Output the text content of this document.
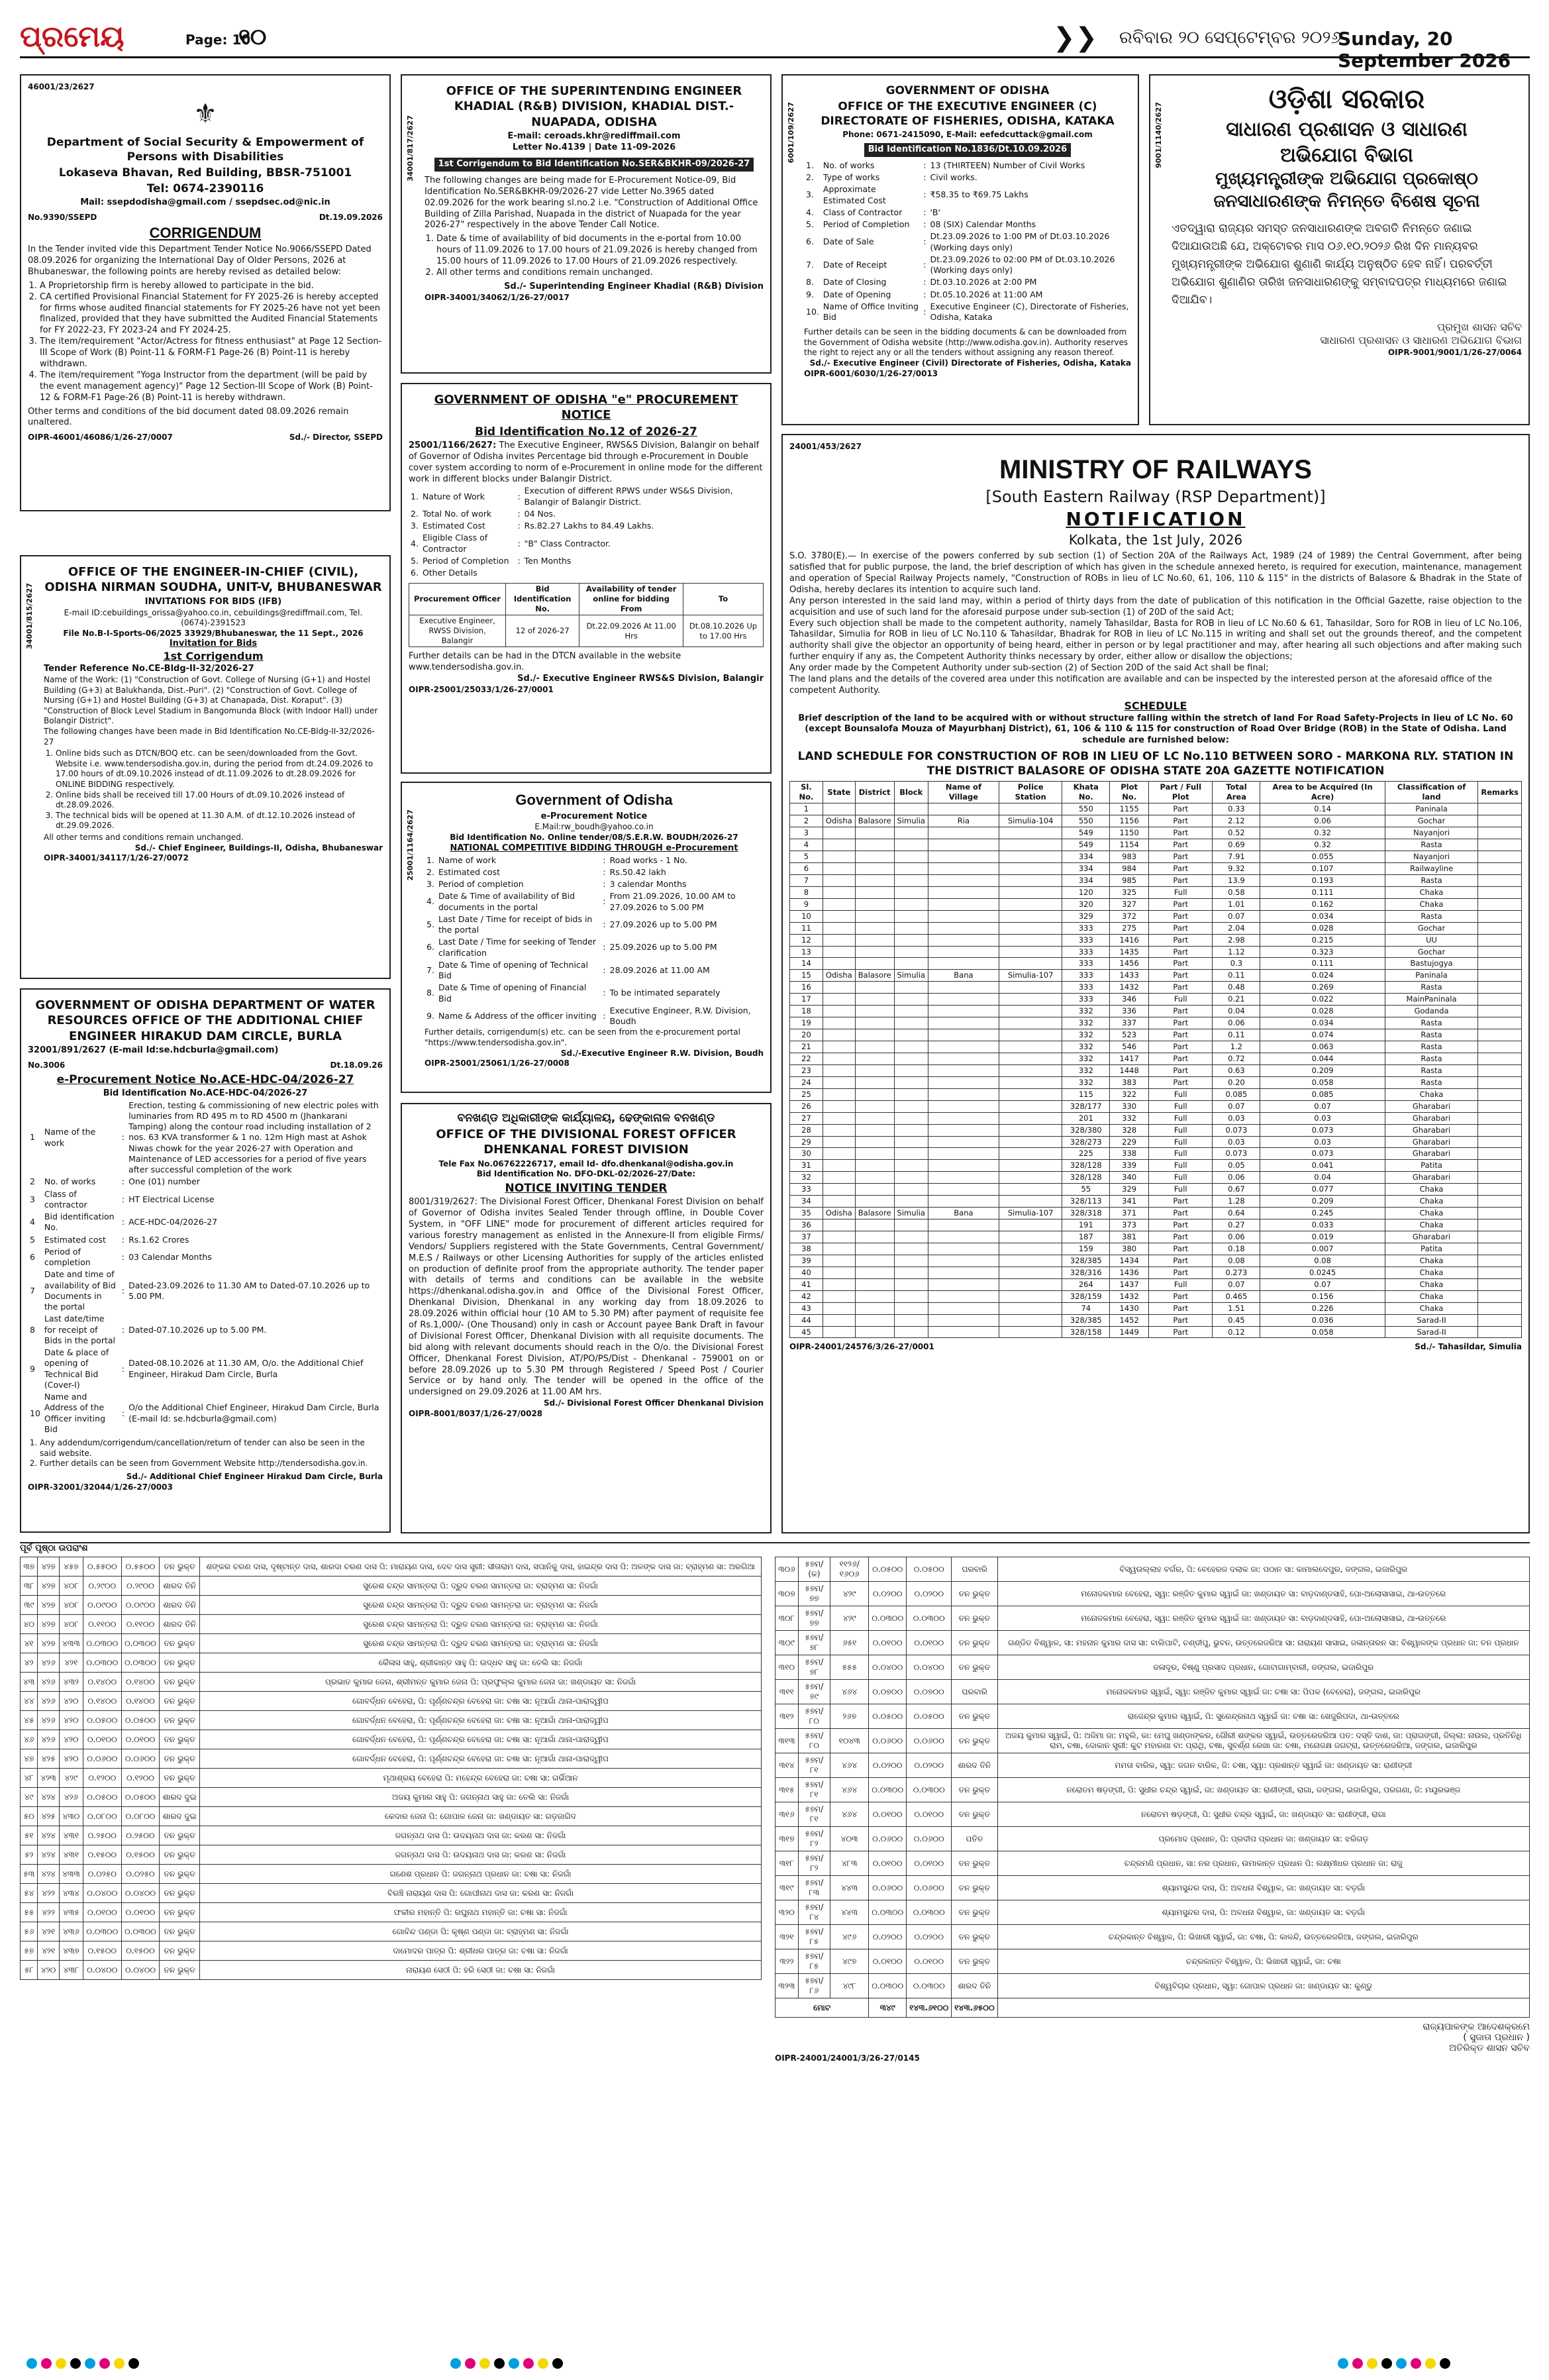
ପ୍ରମେୟ	Page: 10
୧୦	❯❯ ରବିବାର ୨୦ ସେପ୍ଟେମ୍ବର ୨୦୨୬
Sunday, 20 September 2026
46001/23/2627
⚜
Department of Social Security & Empowerment of Persons with Disabilities
Lokaseva Bhavan, Red Building, BBSR-751001
Tel: 0674-2390116
Mail: ssepdodisha@gmail.com / ssepdsec.od@nic.in
No.9390/SSEPD	Dt.19.09.2026
CORRIGENDUM
In the Tender invited vide this Department Tender Notice No.9066/SSEPD Dated 08.09.2026 for organizing the International Day of Older Persons, 2026 at Bhubaneswar, the following points are hereby revised as detailed below:
1. A Proprietorship firm is hereby allowed to participate in the bid.
2. CA certified Provisional Financial Statement for FY 2025-26 is hereby accepted for firms whose audited financial statements for FY 2025-26 have not yet been finalized, provided that they have submitted the Audited Financial Statements for FY 2022-23, FY 2023-24 and FY 2024-25.
3. The item/requirement "Actor/Actress for fitness enthusiast" at Page 12 Section-III Scope of Work (B) Point-11 & FORM-F1 Page-26 (B) Point-11 is hereby withdrawn.
4. The item/requirement "Yoga Instructor from the department (will be paid by the event management agency)" Page 12 Section-III Scope of Work (B) Point-12 & FORM-F1 Page-26 (B) Point-11 is hereby withdrawn.
Other terms and conditions of the bid document dated 08.09.2026 remain unaltered.
OIPR-46001/46086/1/26-27/0007	Sd./- Director, SSEPD
34001/817/2627
OFFICE OF THE SUPERINTENDING ENGINEER KHADIAL (R&B) DIVISION, KHADIAL DIST.-NUAPADA, ODISHA
E-mail: ceroads.khr@rediffmail.com
Letter No.4139 | Date 11-09-2026
1st Corrigendum to Bid Identification No.SER&BKHR-09/2026-27
The following changes are being made for E-Procurement Notice-09, Bid Identification No.SER&BKHR-09/2026-27 vide Letter No.3965 dated 02.09.2026 for the work bearing sl.no.2 i.e. "Construction of Additional Office Building of Zilla Parishad, Nuapada in the district of Nuapada for the year 2026-27" respectively in the above Tender Call Notice.
1. Date & time of availability of bid documents in the e-portal from 10.00 hours of 11.09.2026 to 17.00 hours of 21.09.2026 is hereby changed from 15.00 hours of 11.09.2026 to 17.00 Hours of 21.09.2026 respectively.
2. All other terms and conditions remain unchanged.
Sd./- Superintending Engineer Khadial (R&B) Division
OIPR-34001/34062/1/26-27/0017
6001/109/2627
GOVERNMENT OF ODISHA
OFFICE OF THE EXECUTIVE ENGINEER (C) DIRECTORATE OF FISHERIES, ODISHA, KATAKA
Phone: 0671-2415090, E-Mail: eefedcuttack@gmail.com
Bid Identification No.1836/Dt.10.09.2026
1.	No. of works	:	13 (THIRTEEN) Number of Civil Works
2.	Type of works	:	Civil works.
3.	Approximate Estimated Cost	:	₹58.35 to ₹69.75 Lakhs
4.	Class of Contractor	:	'B'
5.	Period of Completion	:	08 (SIX) Calendar Months
6.	Date of Sale	:	Dt.23.09.2026 to 1:00 PM of Dt.03.10.2026 (Working days only)
7.	Date of Receipt	:	Dt.23.09.2026 to 02:00 PM of Dt.03.10.2026 (Working days only)
8.	Date of Closing	:	Dt.03.10.2026 at 2:00 PM
9.	Date of Opening	:	Dt.05.10.2026 at 11:00 AM
10.	Name of Office Inviting Bid	:	Executive Engineer (C), Directorate of Fisheries, Odisha, Kataka
Further details can be seen in the bidding documents & can be downloaded from the Government of Odisha website (http://www.odisha.gov.in). Authority reserves the right to reject any or all the tenders without assigning any reason thereof.
Sd./- Executive Engineer (Civil) Directorate of Fisheries, Odisha, Kataka
OIPR-6001/6030/1/26-27/0013
9001/1140/2627
ଓଡ଼ିଶା ସରକାର
ସାଧାରଣ ପ୍ରଶାସନ ଓ ସାଧାରଣ
ଅଭିଯୋଗ ବିଭାଗ
ମୁଖ୍ୟମନ୍ତ୍ରୀଙ୍କ ଅଭିଯୋଗ ପ୍ରକୋଷ୍ଠ
ଜନସାଧାରଣଙ୍କ ନିମନ୍ତେ ବିଶେଷ ସୂଚନା
ଏତଦ୍ୱାରା ରାଜ୍ୟର ସମସ୍ତ ଜନସାଧାରଣଙ୍କ ଅବଗତି ନିମନ୍ତେ ଜଣାଇ ଦିଆଯାଉଅଛି ଯେ, ଅକ୍ଟୋବର ମାସ ୦୬.୧୦.୨୦୨୬ ରିଖ ଦିନ ମାନ୍ୟବର ମୁଖ୍ୟମନ୍ତ୍ରୀଙ୍କ ଅଭିଯୋଗ ଶୁଣାଣି କାର୍ଯ୍ୟ ଅନୁଷ୍ଠିତ ହେବ ନାହିଁ। ପରବର୍ତ୍ତୀ ଅଭିଯୋଗ ଶୁଣାଣିର ତାରିଖ ଜନସାଧାରଣଙ୍କୁ ସମ୍ବାଦପତ୍ର ମାଧ୍ୟମରେ ଜଣାଇ ଦିଆଯିବ।
ପ୍ରମୁଖ ଶାସନ ସଚିବ
ସାଧାରଣ ପ୍ରଶାସନ ଓ ସାଧାରଣ ଅଭିଯୋଗ ବିଭାଗ
OIPR-9001/9001/1/26-27/0064
34001/815/2627
OFFICE OF THE ENGINEER-IN-CHIEF (CIVIL), ODISHA NIRMAN SOUDHA, UNIT-V, BHUBANESWAR
INVITATIONS FOR BIDS (IFB)
E-mail ID:cebuildings_orissa@yahoo.co.in, cebuildings@rediffmail.com, Tel. (0674)-2391523
File No.B-I-Sports-06/2025 33929/Bhubaneswar, the 11 Sept., 2026
Invitation for Bids
1st Corrigendum
Tender Reference No.CE-Bldg-II-32/2026-27
Name of the Work: (1) "Construction of Govt. College of Nursing (G+1) and Hostel Building (G+3) at Balukhanda, Dist.-Puri". (2) "Construction of Govt. College of Nursing (G+1) and Hostel Building (G+3) at Chanapada, Dist. Koraput". (3) "Construction of Block Level Stadium in Bangomunda Block (with Indoor Hall) under Bolangir District".
The following changes have been made in Bid Identification No.CE-Bldg-II-32/2026-27
1. Online bids such as DTCN/BOQ etc. can be seen/downloaded from the Govt. Website i.e. www.tendersodisha.gov.in, during the period from dt.24.09.2026 to 17.00 hours of dt.09.10.2026 instead of dt.11.09.2026 to dt.28.09.2026 for ONLINE BIDDING respectively.
2. Online bids shall be received till 17.00 Hours of dt.09.10.2026 instead of dt.28.09.2026.
3. The technical bids will be opened at 11.30 A.M. of dt.12.10.2026 instead of dt.29.09.2026.
All other terms and conditions remain unchanged.
Sd./- Chief Engineer, Buildings-II, Odisha, Bhubaneswar
OIPR-34001/34117/1/26-27/0072
GOVERNMENT OF ODISHA "e" PROCUREMENT NOTICE
Bid Identification No.12 of 2026-27
25001/1166/2627: The Executive Engineer, RWS&S Division, Balangir on behalf of Governor of Odisha invites Percentage bid through e-Procurement in Double cover system according to norm of e-Procurement in online mode for the different work in different blocks under Balangir District.
1.	Nature of Work	:	Execution of different RPWS under WS&S Division, Balangir of Balangir District.
2.	Total No. of work	:	04 Nos.
3.	Estimated Cost	:	Rs.82.27 Lakhs to 84.49 Lakhs.
4.	Eligible Class of Contractor	:	"B" Class Contractor.
5.	Period of Completion	:	Ten Months
6.	Other Details		
Procurement Officer	Bid Identification No.	Availability of tender online for bidding From	To
Executive Engineer, RWSS Division, Balangir	12 of 2026-27	Dt.22.09.2026 At 11.00 Hrs	Dt.08.10.2026 Up to 17.00 Hrs
Further details can be had in the DTCN available in the website www.tendersodisha.gov.in.
Sd./- Executive Engineer RWS&S Division, Balangir
OIPR-25001/25033/1/26-27/0001
25001/1164/2627
Government of Odisha
e-Procurement Notice
E.Mail:rw_boudh@yahoo.co.in
Bid Identification No. Online tender/08/S.E.R.W. BOUDH/2026-27
NATIONAL COMPETITIVE BIDDING THROUGH e-Procurement
1.	Name of work	:	Road works - 1 No.
2.	Estimated cost	:	Rs.50.42 lakh
3.	Period of completion	:	3 calendar Months
4.	Date & Time of availability of Bid documents in the portal	:	From 21.09.2026, 10.00 AM to 27.09.2026 to 5.00 PM
5.	Last Date / Time for receipt of bids in the portal	:	27.09.2026 up to 5.00 PM
6.	Last Date / Time for seeking of Tender clarification	:	25.09.2026 up to 5.00 PM
7.	Date & Time of opening of Technical Bid	:	28.09.2026 at 11.00 AM
8.	Date & Time of opening of Financial Bid	:	To be intimated separately
9.	Name & Address of the officer inviting	:	Executive Engineer, R.W. Division, Boudh
Further details, corrigendum(s) etc. can be seen from the e-procurement portal "https://www.tendersodisha.gov.in".
Sd./-Executive Engineer R.W. Division, Boudh
OIPR-25001/25061/1/26-27/0008
GOVERNMENT OF ODISHA DEPARTMENT OF WATER RESOURCES OFFICE OF THE ADDITIONAL CHIEF ENGINEER HIRAKUD DAM CIRCLE, BURLA
32001/891/2627 (E-mail Id:se.hdcburla@gmail.com)
No.3006	Dt.18.09.26
e-Procurement Notice No.ACE-HDC-04/2026-27
Bid Identification No.ACE-HDC-04/2026-27
1	Name of the work	:	Erection, testing & commissioning of new electric poles with luminaries from RD 495 m to RD 4500 m (Jhankarani Tamping) along the contour road including installation of 2 nos. 63 KVA transformer & 1 no. 12m High mast at Ashok Niwas chowk for the year 2026-27 with Operation and Maintenance of LED accessories for a period of five years after successful completion of the work
2	No. of works	:	One (01) number
3	Class of contractor	:	HT Electrical License
4	Bid identification No.	:	ACE-HDC-04/2026-27
5	Estimated cost	:	Rs.1.62 Crores
6	Period of completion	:	03 Calendar Months
7	Date and time of availability of Bid Documents in the portal	:	Dated-23.09.2026 to 11.30 AM to Dated-07.10.2026 up to 5.00 PM.
8	Last date/time for receipt of Bids in the portal	:	Dated-07.10.2026 up to 5.00 PM.
9	Date & place of opening of Technical Bid (Cover-I)	:	Dated-08.10.2026 at 11.30 AM, O/o. the Additional Chief Engineer, Hirakud Dam Circle, Burla
10	Name and Address of the Officer inviting Bid	:	O/o the Additional Chief Engineer, Hirakud Dam Circle, Burla (E-mail Id: se.hdcburla@gmail.com)
1. Any addendum/corrigendum/cancellation/return of tender can also be seen in the said website.
2. Further details can be seen from Government Website http://tendersodisha.gov.in.
Sd./- Additional Chief Engineer Hirakud Dam Circle, Burla
OIPR-32001/32044/1/26-27/0003
ବନଖଣ୍ଡ ଅଧିକାରୀଙ୍କ କାର୍ଯ୍ୟାଳୟ, ଢେଙ୍କାନାଳ ବନଖଣ୍ଡ
OFFICE OF THE DIVISIONAL FOREST OFFICER DHENKANAL FOREST DIVISION
Tele Fax No.06762226717, email Id- dfo.dhenkanal@odisha.gov.in
Bid Identification No. DFO-DKL-02/2026-27/Date:
NOTICE INVITING TENDER
8001/319/2627: The Divisional Forest Officer, Dhenkanal Forest Division on behalf of Governor of Odisha invites Sealed Tender through offline, in Double Cover System, in "OFF LINE" mode for procurement of different articles required for various forestry management as enlisted in the Annexure-II from eligible Firms/ Vendors/ Suppliers registered with the State Governments, Central Government/ M.E.S / Railways or other Licensing Authorities for supply of the articles enlisted on production of definite proof from the appropriate authority. The tender paper with details of terms and conditions can be available in the website https://dhenkanal.odisha.gov.in and Office of the Divisional Forest Officer, Dhenkanal Division, Dhenkanal in any working day from 18.09.2026 to 28.09.2026 within official hour (10 AM to 5.30 PM) after payment of requisite fee of Rs.1,000/- (One Thousand) only in cash or Account payee Bank Draft in favour of Divisional Forest Officer, Dhenkanal Division with all requisite documents. The bid along with relevant documents should reach in the O/o. the Divisional Forest Officer, Dhenkanal Forest Division, AT/PO/PS/Dist - Dhenkanal - 759001 on or before 28.09.2026 up to 5.30 PM through Registered / Speed Post / Courier Service or by hand only. The tender will be opened in the office of the undersigned on 29.09.2026 at 11.00 AM hrs.
Sd./- Divisional Forest Officer Dhenkanal Division
OIPR-8001/8037/1/26-27/0028
24001/453/2627
MINISTRY OF RAILWAYS
[South Eastern Railway (RSP Department)]
NOTIFICATION
Kolkata, the 1st July, 2026
S.O. 3780(E).— In exercise of the powers conferred by sub section (1) of Section 20A of the Railways Act, 1989 (24 of 1989) the Central Government, after being satisfied that for public purpose, the land, the brief description of which has given in the schedule annexed hereto, is required for execution, maintenance, management and operation of Special Railway Projects namely, "Construction of ROBs in lieu of LC No.60, 61, 106, 110 & 115" in the districts of Balasore & Bhadrak in the State of Odisha, hereby declares its intention to acquire such land.
Any person interested in the said land may, within a period of thirty days from the date of publication of this notification in the Official Gazette, raise objection to the acquisition and use of such land for the aforesaid purpose under sub-section (1) of 20D of the said Act;
Every such objection shall be made to the competent authority, namely Tahasildar, Basta for ROB in lieu of LC No.60 & 61, Tahasildar, Soro for ROB in lieu of LC No.106, Tahasildar, Simulia for ROB in lieu of LC No.110 & Tahasildar, Bhadrak for ROB in lieu of LC No.115 in writing and shall set out the grounds thereof, and the competent authority shall give the objector an opportunity of being heard, either in person or by legal practitioner and may, after hearing all such objections and after making such further enquiry if any as, the Competent Authority thinks necessary by order, either allow or disallow the objections;
Any order made by the Competent Authority under sub-section (2) of Section 20D of the said Act shall be final;
The land plans and the details of the covered area under this notification are available and can be inspected by the interested person at the aforesaid office of the competent Authority.
SCHEDULE
Brief description of the land to be acquired with or without structure falling within the stretch of land For Road Safety-Projects in lieu of LC No. 60 (except Bounsalofa Mouza of Mayurbhanj District), 61, 106 & 110 & 115 for construction of Road Over Bridge (ROB) in the State of Odisha. Land schedule are furnished below:
LAND SCHEDULE FOR CONSTRUCTION OF ROB IN LIEU OF LC No.110 BETWEEN SORO - MARKONA RLY. STATION IN THE DISTRICT BALASORE OF ODISHA STATE 20A GAZETTE NOTIFICATION
Sl. No.	State	District	Block	Name of Village	Police Station	Khata No.	Plot No.	Part / Full Plot	Total Area	Area to be Acquired (In Acre)	Classification of land	Remarks
1						550	1155	Part	0.33	0.14	Paninala	
2	Odisha	Balasore	Simulia	Ria	Simulia-104	550	1156	Part	2.12	0.06	Gochar	
3						549	1150	Part	0.52	0.32	Nayanjori	
4						549	1154	Part	0.69	0.32	Rasta	
5						334	983	Part	7.91	0.055	Nayanjori	
6						334	984	Part	9.32	0.107	Railwayline	
7						334	985	Part	13.9	0.193	Rasta	
8						120	325	Full	0.58	0.111	Chaka	
9						320	327	Part	1.01	0.162	Chaka	
10						329	372	Part	0.07	0.034	Rasta	
11						333	275	Part	2.04	0.028	Gochar	
12						333	1416	Part	2.98	0.215	UU	
13						333	1435	Part	1.12	0.323	Gochar	
14						333	1456	Part	0.3	0.111	Bastujogya	
15	Odisha	Balasore	Simulia	Bana	Simulia-107	333	1433	Part	0.11	0.024	Paninala	
16						333	1432	Part	0.48	0.269	Rasta	
17						333	346	Full	0.21	0.022	MainPaninala	
18						332	336	Part	0.04	0.028	Godanda	
19						332	337	Part	0.06	0.034	Rasta	
20						332	523	Part	0.11	0.074	Rasta	
21						332	546	Part	1.2	0.063	Rasta	
22						332	1417	Part	0.72	0.044	Rasta	
23						332	1448	Part	0.63	0.209	Rasta	
24						332	383	Part	0.20	0.058	Rasta	
25						115	322	Full	0.085	0.085	Chaka	
26						328/177	330	Full	0.07	0.07	Gharabari	
27						201	332	Full	0.03	0.03	Gharabari	
28						328/380	328	Full	0.073	0.073	Gharabari	
29						328/273	229	Full	0.03	0.03	Gharabari	
30						225	338	Full	0.073	0.073	Gharabari	
31						328/128	339	Full	0.05	0.041	Patita	
32						328/128	340	Full	0.06	0.04	Gharabari	
33						55	329	Full	0.67	0.077	Chaka	
34						328/113	341	Part	1.28	0.209	Chaka	
35	Odisha	Balasore	Simulia	Bana	Simulia-107	328/318	371	Part	0.64	0.245	Chaka	
36						191	373	Part	0.27	0.033	Chaka	
37						187	381	Part	0.06	0.019	Gharabari	
38						159	380	Part	0.18	0.007	Patita	
39						328/385	1434	Part	0.08	0.08	Chaka	
40						328/316	1436	Part	0.273	0.0245	Chaka	
41						264	1437	Full	0.07	0.07	Chaka	
42						328/159	1432	Part	0.465	0.156	Chaka	
43						74	1430	Part	1.51	0.226	Chaka	
44						328/385	1452	Part	0.45	0.036	Sarad-II	
45						328/158	1449	Part	0.12	0.058	Sarad-II	
OIPR-24001/24576/3/26-27/0001	Sd./- Tahasildar, Simulia
ପୂର୍ବ ପୃଷ୍ଠା ଉପରାଂଶ
୩୭	୪୨୭	୪୫୭	୦.୫୫୦୦	୦.୫୫୦୦	ତନ ଭୁକ୍ତ	ଶଙ୍କର ଚରଣ ଦାସ, ଦୃଷ୍ଟାନ୍ତ ଦାସ, ଶାରଦା ଚରଣ ଦାସ ପି: ମାରାୟଣ ଦାସ, ଦେବ ଦାସ ସ୍ତ୍ରୀ: ସୀତାରାମ ଦାସ, ସପାନିକୁ ଦାସ, ହାଇନ୍ଦ୍ର ଦାସ ପି: ଅଳଙ୍କ ଦାସ ଜା: ବ୍ରାହ୍ମଣ ସା: ଅରଗିଆ
୩୮	୪୨୭	୪୦୮	୦.୨୯୦୦	୦.୨୯୦୦	ଶାରଦ ତିନି	ସୁରେଶ ଚନ୍ଦ୍ର ସାମନ୍ତରା ପି: ଦ୍ରୁଦ ଚରଣ ସାମନ୍ତରା ଜା: ବ୍ରାହ୍ମଣ ସା: ନିଜଗାଁ
୩୯	୪୨୭	୪୦୮	୦.୦୯୦୦	୦.୦୯୦୦	ଶାରଦ ତିନି	ସୁରେଶ ଚନ୍ଦ୍ର ସାମନ୍ତରା ପି: ଦ୍ରୁଦ ଚରଣ ସାମନ୍ତରା ଜା: ବ୍ରାହ୍ମଣ ସା: ନିଜଗାଁ
୪୦	୪୨୭	୪୦୮	୦.୧୧୦୦	୦.୧୧୦୦	ଶାରଦ ତିନି	ସୁରେଶ ଚନ୍ଦ୍ର ସାମନ୍ତରା ପି: ଦ୍ରୁଦ ଚରଣ ସାମନ୍ତରା ଜା: ବ୍ରାହ୍ମଣ ସା: ନିଜଗାଁ
୪୧	୪୨୭	୪୩୩	୦.୦୩୦୦	୦.୦୩୦୦	ତନ ଭୁକ୍ତ	ସୁରେଶ ଚନ୍ଦ୍ର ସାମନ୍ତରା ପି: ଦ୍ରୁଦ ଚରଣ ସାମନ୍ତରା ଜା: ବ୍ରାହ୍ମଣ ସା: ନିଜଗାଁ
୪୨	୪୨୬	୪୨୧	୦.୦୩୦୦	୦.୦୩୦୦	ତନ ଭୁକ୍ତ	କୈଳାସ ସାହୁ, ଶ୍ରୀକାନ୍ତ ସାହୁ ପି: ଉଦ୍ଧବ ସାହୁ ଜା: ତେଲି ସା: ନିଜଗାଁ
୪୩	୪୨୬	୪୩୨	୦.୧୪୦୦	୦.୧୪୦୦	ତନ ଭୁକ୍ତ	ପ୍ରଭାତ କୁମାର ଜେନା, ଶ୍ରୀମନ୍ତ କୁମାର ଜେନା ପି: ପ୍ରଫୁଲ୍ଲ କୁମାର ଜେନା ଜା: ଖଣ୍ଡାୟତ ସା: ନିଜଗାଁ
୪୪	୪୨୬	୪୨୦	୦.୧୪୦୦	୦.୧୪୦୦	ତନ ଭୁକ୍ତ	ଗୋବର୍ଦ୍ଧନ ବେହେରା, ପି: ପୂର୍ଣ୍ଣଚନ୍ଦ୍ର ବେହେରା ଜା: ଚଷା ସା: ନୂଆଗାଁ ଥାନା-ପାରାଦ୍ୱୀପ
୪୫	୪୨୬	୪୨୦	୦.୦୫୦୦	୦.୦୫୦୦	ତନ ଭୁକ୍ତ	ଗୋବର୍ଦ୍ଧନ ବେହେରା, ପି: ପୂର୍ଣ୍ଣଚନ୍ଦ୍ର ବେହେରା ଜା: ଚଷା ସା: ନୂଆଗାଁ ଥାନା-ପାରାଦ୍ୱୀପ
୪୬	୪୨୬	୪୨୦	୦.୦୧୦୦	୦.୦୧୦୦	ତନ ଭୁକ୍ତ	ଗୋବର୍ଦ୍ଧନ ବେହେରା, ପି: ପୂର୍ଣ୍ଣଚନ୍ଦ୍ର ବେହେରା ଜା: ଚଷା ସା: ନୂଆଗାଁ ଥାନା-ପାରାଦ୍ୱୀପ
୪୭	୪୨୫	୪୨୦	୦.୦୬୦୦	୦.୦୬୦୦	ତନ ଭୁକ୍ତ	ଗୋବର୍ଦ୍ଧନ ବେହେରା, ପି: ପୂର୍ଣ୍ଣଚନ୍ଦ୍ର ବେହେରା ଜା: ଚଷା ସା: ନୂଆଗାଁ ଥାନା-ପାରାଦ୍ୱୀପ
୪୮	୪୨୩	୪୨୯	୦.୧୨୦୦	୦.୧୨୦୦	ତନ ଭୁକ୍ତ	ମୃଥାଶ୍ରୟ ବେହେରା ପି: ମହେନ୍ଦ୍ର ବେହେରା ଜା: ଚଷା ସା: ଗର୍ଭିଆନ
୪୯	୪୨୪	୪୨୬	୦.୦୫୦୦	୦.୦୫୦୦	ଶାରଦ ଦୁଇ	ଅଜୟ କୁମାର ସାହୁ ପି: ଜଗନ୍ନାଥ ସାହୁ ଜା: ତେଲି ସା: ନିଜଗାଁ
୫୦	୪୨୫	୪୩୦	୦.୦୮୦୦	୦.୦୮୦୦	ଶାରଦ ଦୁଇ	କେଦାର ଜେନା ପି: ଗୋପାଳ ଜେନା ଜା: ଖଣ୍ଡାୟତ ସା: ଗଡ଼ଜାଗିଦ
୫୧	୪୨୪	୪୩୧	୦.୨୫୦୦	୦.୨୫୦୦	ତନ ଭୁକ୍ତ	ଜଗନ୍ନାଥ ଦାସ ପି: ଉଦୟନାଥ ଦାସ ଜା: କରଣ ସା: ନିଜଗାଁ
୫୨	୪୨୪	୪୩୧	୦.୧୫୦୦	୦.୧୫୦୦	ତନ ଭୁକ୍ତ	ଜଗନ୍ନାଥ ଦାସ ପି: ଉଦୟନାଥ ଦାସ ଜା: କରଣ ସା: ନିଜଗାଁ
୫୩	୪୨୪	୪୩୩	୦.୦୨୫୦	୦.୦୨୫୦	ତନ ଭୁକ୍ତ	ଗଣେଶ ପ୍ରଧାନ ପି: ଜଗନ୍ନାଥ ପ୍ରଧାନ ଜା: ଚଷା ସା: ନିଜଗାଁ
୫୪	୪୨୨	୪୩୪	୦.୦୪୦୦	୦.୦୪୦୦	ତନ ଭୁକ୍ତ	ବିରଞ୍ଚି ନାରାୟଣ ଦାସ ପି: ଗୋପୀନାଥ ଦାସ ଜା: କରଣ ସା: ନିଜଗାଁ
୫୫	୪୨୨	୪୩୫	୦.୦୧୦୦	୦.୦୧୦୦	ତନ ଭୁକ୍ତ	ଫକୀର ମହାନ୍ତି ପି: ରଘୁନାଥ ମହାନ୍ତି ଜା: ଚଷା ସା: ନିଜଗାଁ
୫୬	୪୨୧	୪୩୬	୦.୦୩୦୦	୦.୦୩୦୦	ତନ ଭୁକ୍ତ	ଗୋବିନ୍ଦ ପଣ୍ଡା ପି: କୃଷ୍ଣ ପଣ୍ଡା ଜା: ବ୍ରାହ୍ମଣ ସା: ନିଜଗାଁ
୫୭	୪୨୧	୪୩୭	୦.୧୫୦୦	୦.୧୫୦୦	ତନ ଭୁକ୍ତ	ଦାମୋଦର ପାତ୍ର ପି: ଶ୍ରୀଧର ପାତ୍ର ଜା: ଚଷା ସା: ନିଜଗାଁ
୫୮	୪୨୦	୪୩୮	୦.୦୪୦୦	୦.୦୪୦୦	ତନ ଭୁକ୍ତ	ନାରାୟଣ ସେଠୀ ପି: ହରି ସେଠୀ ଜା: ଚଷା ସା: ନିଜଗାଁ
୩୦୬	୫୭ମ/ (କ)	୧୧୨୬/ ୧୬୦୬	୦.୦୫୦୦	୦.୦୫୦୦	ଘରବାରି	ବିସ୍ୱଉଲ୍ଲାହ ବର୍ଗର, ପି: ବେହେରଜ ଦଲାକ ଜା: ପଠାନ ସା: କାମାଲଦେପୁର, ଜଙ୍ଗଲ, ଇଜାରିପୁର
୩୦୭	୫୭ମ/ ୭୭	୪୨୯	୦.୦୨୦୦	୦.୦୨୦୦	ତନ ଭୁକ୍ତ	ମନୋଜକମାର ବେହେରା, ସ୍ୱା: ରଞ୍ଜିତ କୁମାର ସ୍ୱାଇଁ ଜା: ଖଣ୍ଡାୟତ ସା: ବାଡ଼ଦାଣ୍ଡସାହି, ପୋ-ଅଲୋସାସାଇ, ଥା-ଉତ୍ତରେ
୩୦୮	୫୭ମ/ ୭୭	୪୨୯	୦.୦୩୦୦	୦.୦୩୦୦	ତନ ଭୁକ୍ତ	ମନୋଜକମାର ବେହେରା, ସ୍ୱା: ରଞ୍ଜିତ କୁମାର ସ୍ୱାଇଁ ଜା: ଖଣ୍ଡାୟତ ସା: ବାଡ଼ଦାଣ୍ଡସାହି, ପୋ-ଅଲୋସାସାଇ, ଥା-ଉତ୍ତରେ
୩୦୯	୫୭ମ/ ୭୮	୬୫୧	୦.୦୧୦୦	୦.୦୧୦୦	ତନ ଭୁକ୍ତ	ଗଣ୍ଡିତ ବିଶ୍ୱାଳ, ସା: ମହନାନ କୁମାର ଦାସ ସା: ବାଲିପାଟି, ଚଣ୍ଡୀପୁ, ଭୁବନ, ଉତ୍ତରେଜରିଆ ସା: ନାରାୟଣ ସାସାଇ, ଜଳାନ୍ତାରନ ସା: ବିଶ୍ୱାଳଙ୍କ ପ୍ରଧାନ ଜା: ତନ ପ୍ରଧାନ
୩୧୦	୫୭ମ/ ୭୮	୫୫୫	୦.୦୪୦୦	୦.୦୪୦୦	ତନ ଭୁକ୍ତ	ଜଳାଦୂର, ବିଷ୍ଣୁ ପ୍ରସାଦ ପ୍ରଧାନ, ଗୋଟାଗାମ୍ବାରୀ, ଜଙ୍ଗଲ, ଇଜାରିପୁର
୩୧୧	୫୭ମ/ ୭୯	୪୬୪	୦.୦୭୦୦	୦.୦୭୦୦	ଘରବାରି	ମନୋଜକମାର ସ୍ୱାଇଁ, ସ୍ୱା: ରଞ୍ଜିତ କୁମାର ସ୍ୱାଇଁ ଜା: ଚଷା ସା: ପିପଳ (ବେହେରା), ଜଙ୍ଗଲ, ଇଜାରିପୁର
୩୧୨	୫୭ମ/ ୮୦	୨୬୭	୦.୦୫୦୦	୦.୦୫୦୦	ତନ ଭୁକ୍ତ	ରାଜେନ୍ଦ୍ର କୁମାର ସ୍ୱାଇଁ, ପି: ସୁରେନ୍ଦ୍ରନାଥ ସ୍ୱାଇଁ ଜା: ଚଷା ସା: ଖେଜୁରିପଦା, ଥା-ଉତ୍ତରେ
୩୧୩	୫୭ମ/ ୮୦	୧୦୪୩	୦.୦୬୦୦	୦.୦୬୦୦	ତନ ଭୁକ୍ତ	ଅଜୟ କୁମାର ସ୍ୱାଇଁ, ପି: ଅଜିମା ଜା: ମହୁଲି, କା: ମେଘୁ ଖଣ୍ଡାଙ୍କର, ଗୌରୀ ଶଙ୍କର ସ୍ୱାଇଁ, ଉତ୍ତରେଜରିଆ ପତ: ଦସ୍ତି ଦାଶ, ଜା: ପ୍ରାଗଙ୍ଗୀ, ଜିଲ୍ଲା: ନାଉଲ, ପ୍ରତିନିଧି ରାମ, ଚଷା, ଦୋକାନ ସ୍ତ୍ରୀ: କୁଟ ମହାରଣା ବା: ପ୍ରାଥି, ଚଷା, ସୁବର୍ଣ୍ଣ ରେଖା ଜା: ଚଷା, ମନୋଜକ୍ଷ ଜଗଟ୍ରା, ଉତ୍ତରେଜରିଆ, ଜଙ୍ଗଲ, ଇଜାରିପୁର
୩୧୪	୫୭ମ/ ୮୧	୪୬୪	୦.୦୨୦୦	୦.୦୨୦୦	ଶାରଦ ତିନି	ମମତା ବାରିକ, ସ୍ୱା: ଜଗନ ବାରିକ, ଜି: ଚଷା, ସ୍ୱା: ପ୍ରଶାନ୍ତ ସ୍ୱାଇଁ ଜା: ଖଣ୍ଡାୟତ ସା: ରାଣୀଙ୍ଗୀ
୩୧୫	୫୭ମ/ ୮୧	୪୬୪	୦.୦୩୦୦	୦.୦୩୦୦	ତନ ଭୁକ୍ତ	ନରୋତମ ଷଡ଼ଙ୍ଗୀ, ପି: ସୁଧୀର ଚନ୍ଦ୍ର ସ୍ୱାଇଁ, ଜା: ଖଣ୍ଡାୟତ ସା: ରାଣୀଙ୍ଗୀ, ରାଗା, ଜଙ୍ଗଲ, ଇଜାରିପୁର, ପରଗଣା, ଜି: ମୟୂରଭଞ୍ଜ
୩୧୬	୫୭ମ/ ୮୧	୪୬୪	୦.୦୧୦୦	୦.୦୧୦୦	ତନ ଭୁକ୍ତ	ନରୋତମ ଷଡ଼ଙ୍ଗୀ, ପି: ସୁଧୀର ଚନ୍ଦ୍ର ସ୍ୱାଇଁ, ଜା: ଖଣ୍ଡାୟତ ସା: ରାଣୀଙ୍ଗୀ, ରାଗା
୩୧୭	୫୭ମ/ ୮୨	୪୦୩	୦.୦୬୦୦	୦.୦୬୦୦	ପତିତ	ପ୍ରମୋଦ ପ୍ରଧାନ, ପି: ପ୍ରଦୀପ ପ୍ରଧାନ ଜା: ଖଣ୍ଡାୟତ ସା: ଝରିଗଡ଼
୩୧୮	୫୭ମ/ ୮୨	୪୮୩	୦.୦୧୦୦	୦.୦୧୦୦	ତନ ଭୁକ୍ତ	ଚନ୍ଦ୍ରମଣି ପ୍ରଧାନ, ସା: ନର ପ୍ରଧାନ, ଉମାକାନ୍ତ ପ୍ରଧାନ ପି: ଲକ୍ଷ୍ମୀଧର ପ୍ରଧାନ ଜା: ରାଜୁ
୩୧୯	୫୭ମ/ ୮୩	୪୪୩	୦.୦୬୦୦	୦.୦୬୦୦	ତନ ଭୁକ୍ତ	ଶ୍ୟାମସୁନ୍ଦର ଦାସ, ପି: ଅବଧନା ବିଶ୍ୱାଳ, ଜା: ଖଣ୍ଡାୟତ ସା: ବଡ଼ଗାଁ
୩୨୦	୫୭ମ/ ୮୪	୪୪୩	୦.୦୩୦୦	୦.୦୩୦୦	ତନ ଭୁକ୍ତ	ଶ୍ୟାମସୁନ୍ଦର ଦାସ, ପି: ଅବଧନା ବିଶ୍ୱାଳ, ଜା: ଖଣ୍ଡାୟତ ସା: ବଡ଼ଗାଁ
୩୨୧	୫୭ମ/ ୮୫	୪୯୬	୦.୦୨୦୦	୦.୦୨୦୦	ତନ ଭୁକ୍ତ	ଚନ୍ଦ୍ରକାନ୍ତ ବିଶ୍ୱାଳ, ପି: ଭିଖାରୀ ସ୍ୱାଇଁ, ଜା: ଚଷା, ପି: କାଳନ୍ଦି, ଉତ୍ତରେଜରିଆ, ଜଙ୍ଗଲ, ଇଜାରିପୁର
୩୨୨	୫୭ମ/ ୮୫	୪୯୭	୦.୦୧୦୦	୦.୦୧୦୦	ତନ ଭୁକ୍ତ	ଚନ୍ଦ୍ରକାନ୍ତ ବିଶ୍ୱାଳ, ପି: ଭିଖାରୀ ସ୍ୱାଇଁ, ଜା: ଚଷା
୩୨୩	୫୭ମ/ ୮୬	୪୯୮	୦.୦୩୦୦	୦.୦୩୦୦	ଶାରଦ ତିନି	ବିଶ୍ୱବିଚାର ପ୍ରଧାନ, ସ୍ୱା: ଗୋପାଳ ପ୍ରଧାନ ଜା: ଖଣ୍ଡାୟତ ସା: କୁଣ୍ଡୁ
ମୋଟ			୩୪୯	୧୪୩.୬୧୦୦	୧୪୩.୬୫୦୦	
ରାଜ୍ୟପାଳଙ୍କ ଆଦେଶକ୍ରମେ
( ସୁଜାତା ପ୍ରଧାନ )
ଅତିରିକ୍ତ ଶାସନ ସଚିବ
OIPR-24001/24001/3/26-27/0145
